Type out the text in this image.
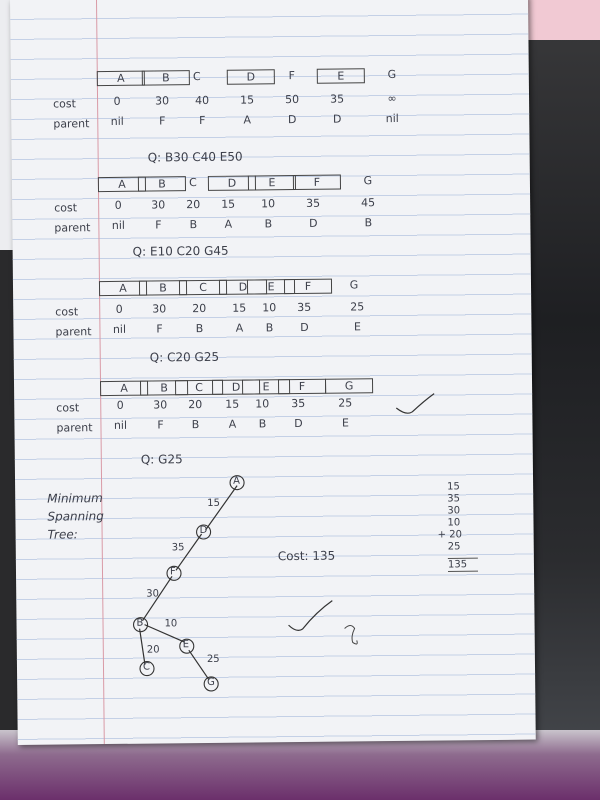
A	B	C	D	F	E	G
cost	0	30	40	15	50	35	∞
parent	nil	F	F	A	D	D	nil
Q: B30 C40 E50
A	B	C	D	E	F	G
cost	0	30	20	15	10	35	45
parent	nil	F	B	A	B	D	B
Q: E10 C20 G45
A	B	C	D	E	F	G
cost	0	30	20	15	10	35	25
parent	nil	F	B	A	B	D	E
Q: C20 G25
A	B	C	D	E	F	G
cost	0	30	20	15	10	35	25
parent	nil	F	B	A	B	D	E
Q: G25
A
D
F
B
C
E
G
15
35
30
20
10
25
Minimum Spanning Tree:
Cost: 135
15
35
30
10
+ 20
25
135
